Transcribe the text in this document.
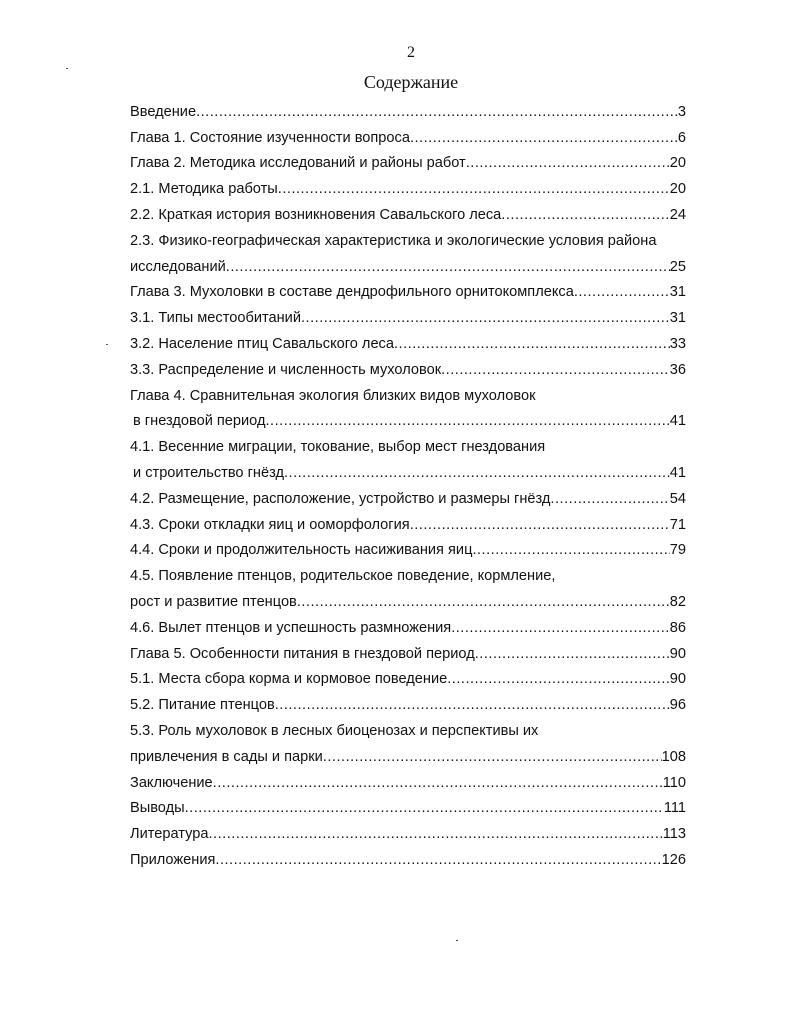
2
Содержание
Введение .....	3
Глава 1. Состояние изученности вопроса .....	6
Глава 2. Методика исследований и районы работ .....	20
2.1. Методика работы .....	20
2.2. Краткая история возникновения Савальского леса .....	24
2.3. Физико-географическая характеристика и экологические условия района
исследований .....	25
Глава 3. Мухоловки в составе дендрофильного орнитокомплекса .....	31
3.1. Типы местообитаний .....	31
3.2. Население птиц Савальского леса .....	33
3.3. Распределение и численность мухоловок .....	36
Глава 4. Сравнительная экология близких видов мухоловок
в гнездовой период .....	41
4.1. Весенние миграции, токование, выбор мест гнездования
и строительство гнёзд .....	41
4.2. Размещение, расположение, устройство и размеры гнёзд .....	54
4.3. Сроки откладки яиц и ооморфология .....	71
4.4. Сроки и продолжительность насиживания яиц .....	79
4.5. Появление птенцов, родительское поведение, кормление,
рост и развитие птенцов .....	82
4.6. Вылет птенцов и успешность размножения .....	86
Глава 5. Особенности питания в гнездовой период .....	90
5.1. Места сбора корма и кормовое поведение .....	90
5.2. Питание птенцов .....	96
5.3. Роль мухоловок в лесных биоценозах и перспективы их
привлечения в сады и парки .....	108
Заключение .....	110
Выводы .....	111
Литература .....	113
Приложения .....	126
